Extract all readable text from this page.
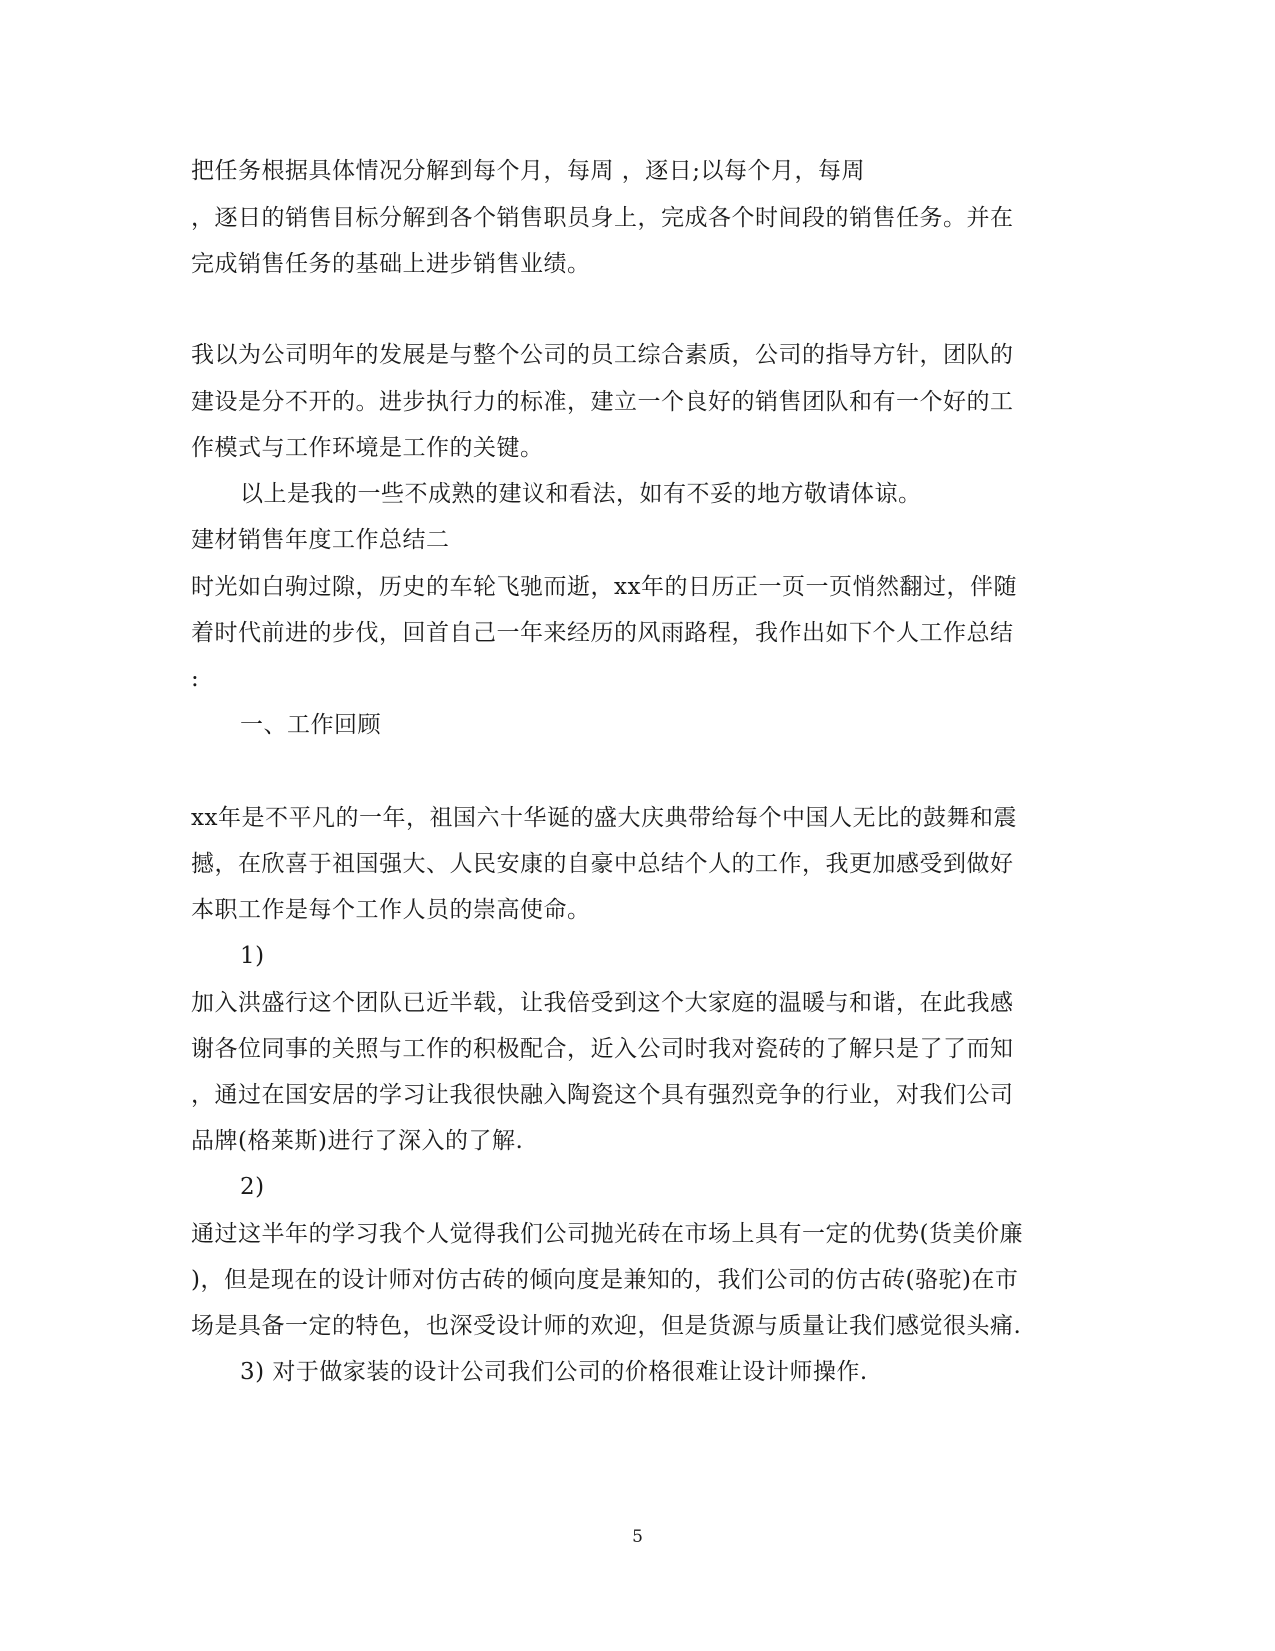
把任务根据具体情况分解到每个月，每周 ，逐日;以每个月，每周
，逐日的销售目标分解到各个销售职员身上，完成各个时间段的销售任务。并在
完成销售任务的基础上进步销售业绩。
我以为公司明年的发展是与整个公司的员工综合素质，公司的指导方针，团队的
建设是分不开的。进步执行力的标准，建立一个良好的销售团队和有一个好的工
作模式与工作环境是工作的关键。
以上是我的一些不成熟的建议和看法，如有不妥的地方敬请体谅。
建材销售年度工作总结二
时光如白驹过隙，历史的车轮飞驰而逝，xx年的日历正一页一页悄然翻过，伴随
着时代前进的步伐，回首自己一年来经历的风雨路程，我作出如下个人工作总结
:
一、工作回顾
xx年是不平凡的一年，祖国六十华诞的盛大庆典带给每个中国人无比的鼓舞和震
撼，在欣喜于祖国强大、人民安康的自豪中总结个人的工作，我更加感受到做好
本职工作是每个工作人员的崇高使命。
1)
加入洪盛行这个团队已近半载，让我倍受到这个大家庭的温暖与和谐，在此我感
谢各位同事的关照与工作的积极配合，近入公司时我对瓷砖的了解只是了了而知
，通过在国安居的学习让我很快融入陶瓷这个具有强烈竞争的行业，对我们公司
品牌(格莱斯)进行了深入的了解.
2)
通过这半年的学习我个人觉得我们公司抛光砖在市场上具有一定的优势(货美价廉
)，但是现在的设计师对仿古砖的倾向度是兼知的，我们公司的仿古砖(骆驼)在市
场是具备一定的特色，也深受设计师的欢迎，但是货源与质量让我们感觉很头痛.
3) 对于做家装的设计公司我们公司的价格很难让设计师操作.
5
